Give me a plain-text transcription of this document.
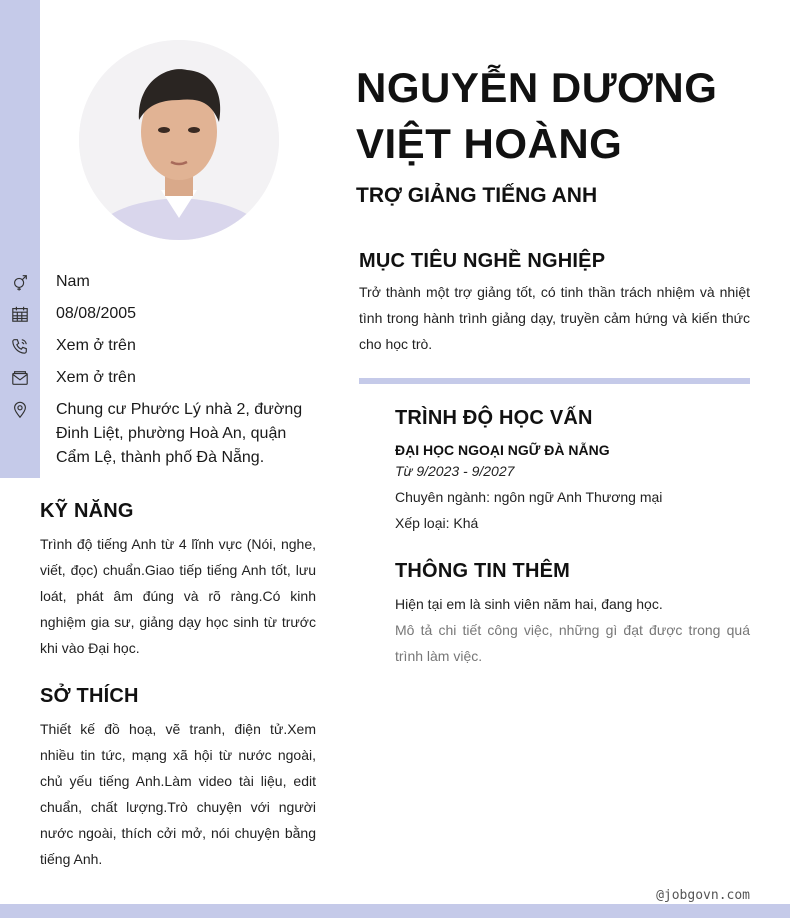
Nam
08/08/2005
Xem ở trên
Xem ở trên
Chung cư Phước Lý nhà 2, đường Đinh Liệt, phường Hoà An, quận Cẩm Lệ, thành phố Đà Nẵng.
KỸ NĂNG
Trình độ tiếng Anh từ 4 lĩnh vực (Nói, nghe, viết, đọc) chuẩn.Giao tiếp tiếng Anh tốt, lưu loát, phát âm đúng và rõ ràng.Có kinh nghiệm gia sư, giảng dạy học sinh từ trước khi vào Đại học.
SỞ THÍCH
Thiết kế đồ hoạ, vẽ tranh, điện tử.Xem nhiều tin tức, mạng xã hội từ nước ngoài, chủ yếu tiếng Anh.Làm video tài liệu, edit chuẩn, chất lượng.Trò chuyện với người nước ngoài, thích cởi mở, nói chuyện bằng tiếng Anh.
NGUYỄN DƯƠNG
VIỆT HOÀNG
TRỢ GIẢNG TIẾNG ANH
MỤC TIÊU NGHỀ NGHIỆP
Trở thành một trợ giảng tốt, có tinh thần trách nhiệm và nhiệt tình trong hành trình giảng dạy, truyền cảm hứng và kiến thức cho học trò.
TRÌNH ĐỘ HỌC VẤN
ĐẠI HỌC NGOẠI NGỮ ĐÀ NẴNG
Từ 9/2023 - 9/2027
Chuyên ngành: ngôn ngữ Anh Thương mại
Xếp loại: Khá
THÔNG TIN THÊM
Hiện tại em là sinh viên năm hai, đang học.
Mô tả chi tiết công việc, những gì đạt được trong quá trình làm việc.
@jobgovn.com
